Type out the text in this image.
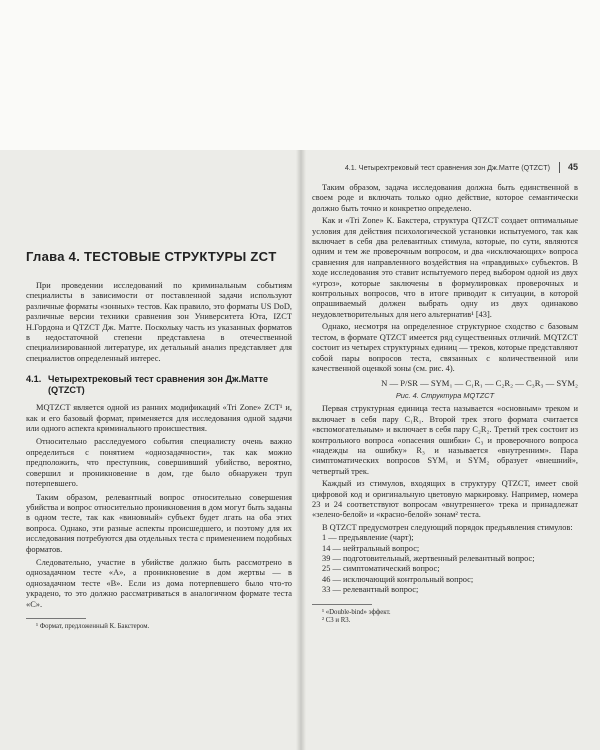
Глава 4. ТЕСТОВЫЕ СТРУКТУРЫ ZCT

При проведении исследований по криминальным событиям специалисты в зависимости от поставленной задачи используют различные форматы «зонных» тестов. Как правило, это форматы US DoD, различные версии техники сравнения зон Университета Юта, IZCT Н.Гордона и QTZCT Дж. Матте. Поскольку часть из указанных форматов в недостаточной степени представлена в отечественной специализированной литературе, их детальный анализ представляет для специалистов определенный интерес.

4.1. Четырехтрековый тест сравнения зон Дж.Матте (QTZCT)

MQTZCT является одной из ранних модификаций «Tri Zone» ZCT¹ и, как и его базовый формат, применяется для исследования одной задачи или одного аспекта криминального происшествия.

Относительно расследуемого события специалисту очень важно определиться с понятием «однозадачности», так как можно предположить, что преступник, совершивший убийство, вероятно, совершил и проникновение в дом, где было обнаружен труп потерпевшего.

Таким образом, релевантный вопрос относительно совершения убийства и вопрос относительно проникновения в дом могут быть заданы в одном тесте, так как «виновный» субъект будет лгать на оба этих вопроса. Однако, эти разные аспекты происшедшего, и поэтому для их исследования потребуются два отдельных теста с применением подобных форматов.

Следовательно, участие в убийстве должно быть рассмотрено в однозадачном тесте «А», а проникновение в дом жертвы — в однозадачном тесте «В». Если из дома потерпевшего было что-то украдено, то это должно рассматриваться в аналогичном формате теста «С».

¹ Формат, предложенный К. Бакстером.

4.1. Четырехтрековый тест сравнения зон Дж.Матте (QTZCT) 45

Таким образом, задача исследования должна быть единственной в своем роде и включать только одно действие, которое семантически должно быть точно и конкретно определено.

Как и «Tri Zone» К. Бакстера, структура QTZCT создает оптимальные условия для действия психологической установки испытуемого, так как включает в себя два релевантных стимула, которые, по сути, являются одним и тем же проверочным вопросом, и два «исключающих» вопроса сравнения для направленного воздействия на «правдивых» субъектов. В ходе исследования это ставит испытуемого перед выбором одной из двух «угроз», которые заключены в формулировках проверочных и контрольных вопросов, что в итоге приводит к ситуации, в которой опрашиваемый должен выбрать одну из двух одинаково неудовлетворительных для него альтернатив¹ [43].

Однако, несмотря на определенное структурное сходство с базовым тестом, в формате QTZCT имеется ряд существенных отличий. MQTZCT состоит из четырех структурных единиц — треков, которые представляют собой пары вопросов теста, связанных с количественной или качественной оценкой зоны (см. рис. 4).

N — P/SR — SYM₁ — C₁R₁ — C₂R₂ — C₃R₃ — SYM₂
Рис. 4. Структура MQTZCT

Первая структурная единица теста называется «основным» треком и включает в себя пару C₁R₁. Второй трек этого формата считается «вспомогательным» и включает в себя пару C₂R₂. Третий трек состоит из контрольного вопроса «опасения ошибки» C₃ и проверочного вопроса «надежды на ошибку» R₃ и называется «внутренним». Пара симптоматических вопросов SYM₁ и SYM₂ образует «внешний», четвертый трек.

Каждый из стимулов, входящих в структуру QTZCT, имеет свой цифровой код и оригинальную цветовую маркировку. Например, номера 23 и 24 соответствуют вопросам «внутреннего» трека и принадлежат «зелено-белой» и «красно-белой» зонам² теста.

В QTZCT предусмотрен следующий порядок предъявления стимулов:

1 — предъявление (чарт);

14 — нейтральный вопрос;

39 — подготовительный, жертвенный релевантный вопрос;

25 — симптоматический вопрос;

46 — исключающий контрольный вопрос;

33 — релевантный вопрос;

¹ «Double-bind» эффект.

² C3 и R3.
